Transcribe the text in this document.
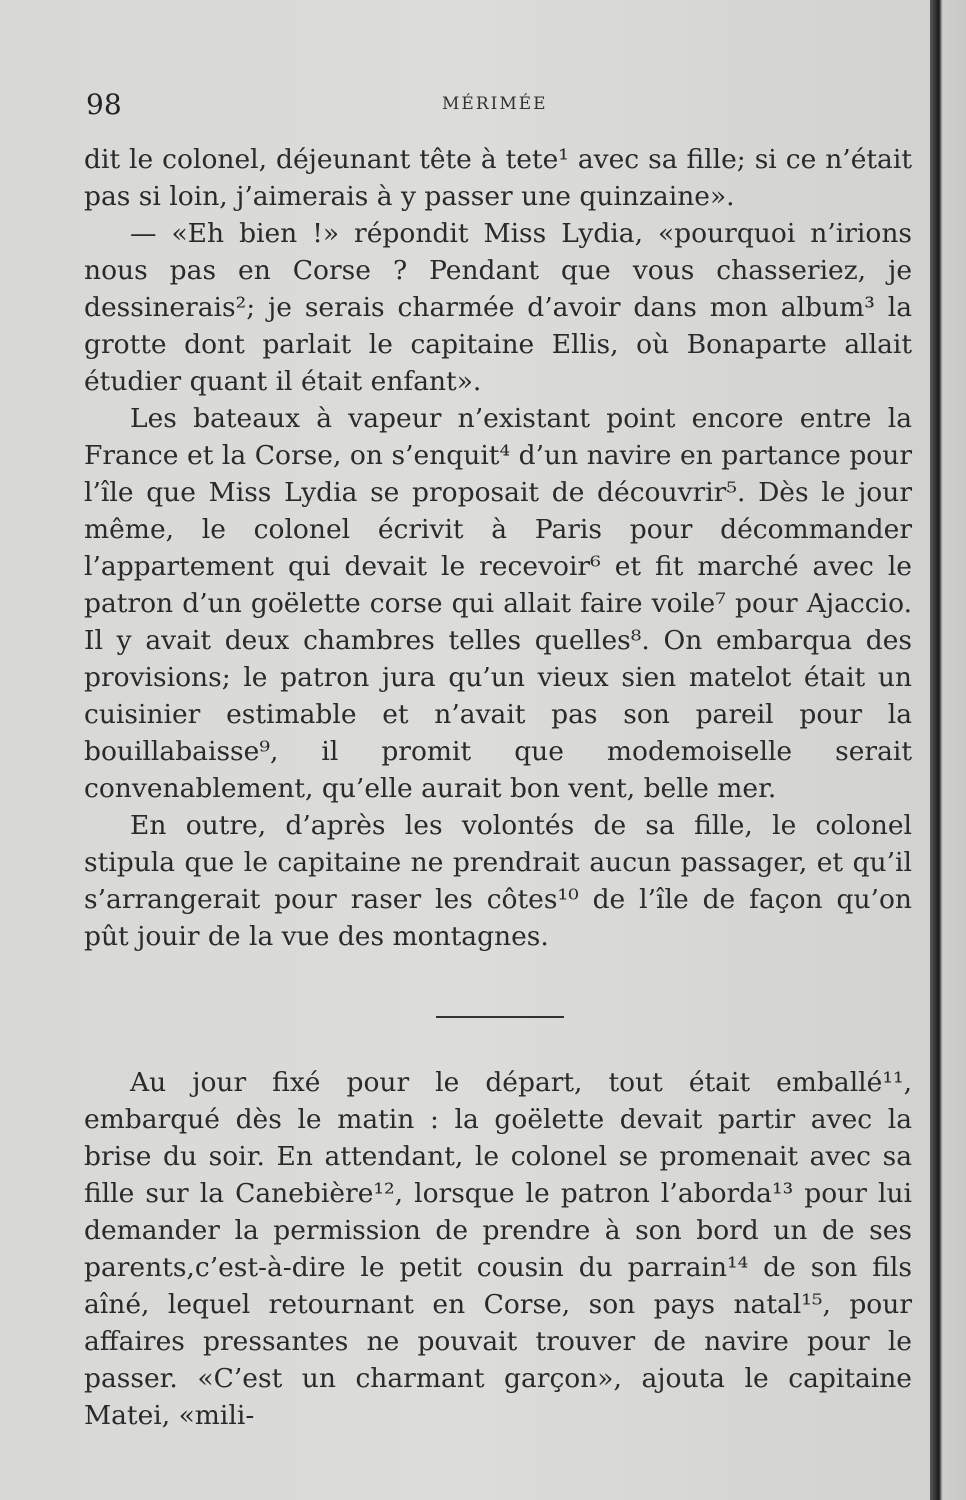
98	MÉRIMÉE

dit le colonel, déjeunant tête à tete¹ avec sa fille; si ce n’était pas si loin, j’aimerais à y passer une quinzaine».

— «Eh bien !» répondit Miss Lydia, «pourquoi n’irions nous pas en Corse ? Pendant que vous chasseriez, je dessinerais²; je serais charmée d’avoir dans mon album³ la grotte dont parlait le capitaine Ellis, où Bonaparte allait étudier quant il était enfant».

Les bateaux à vapeur n’existant point encore entre la France et la Corse, on s’enquit⁴ d’un navire en partance pour l’île que Miss Lydia se proposait de découvrir⁵. Dès le jour même, le colonel écrivit à Paris pour décommander l’appartement qui devait le recevoir⁶ et fit marché avec le patron d’un goëlette corse qui allait faire voile⁷ pour Ajaccio. Il y avait deux chambres telles quelles⁸. On embarqua des provisions; le patron jura qu’un vieux sien matelot était un cuisinier estimable et n’avait pas son pareil pour la bouillabaisse⁹, il promit que modemoiselle serait convenablement, qu’elle aurait bon vent, belle mer.

En outre, d’après les volontés de sa fille, le colonel stipula que le capitaine ne prendrait aucun passager, et qu’il s’arrangerait pour raser les côtes¹⁰ de l’île de façon qu’on pût jouir de la vue des montagnes.

Au jour fixé pour le départ, tout était emballé¹¹, embarqué dès le matin : la goëlette devait partir avec la brise du soir. En attendant, le colonel se promenait avec sa fille sur la Canebière¹², lorsque le patron l’aborda¹³ pour lui demander la permission de prendre à son bord un de ses parents,c’est-à-dire le petit cousin du parrain¹⁴ de son fils aîné, lequel retournant en Corse, son pays natal¹⁵, pour affaires pressantes ne pouvait trouver de navire pour le passer. «C’est un charmant garçon», ajouta le capitaine Matei, «mili-
